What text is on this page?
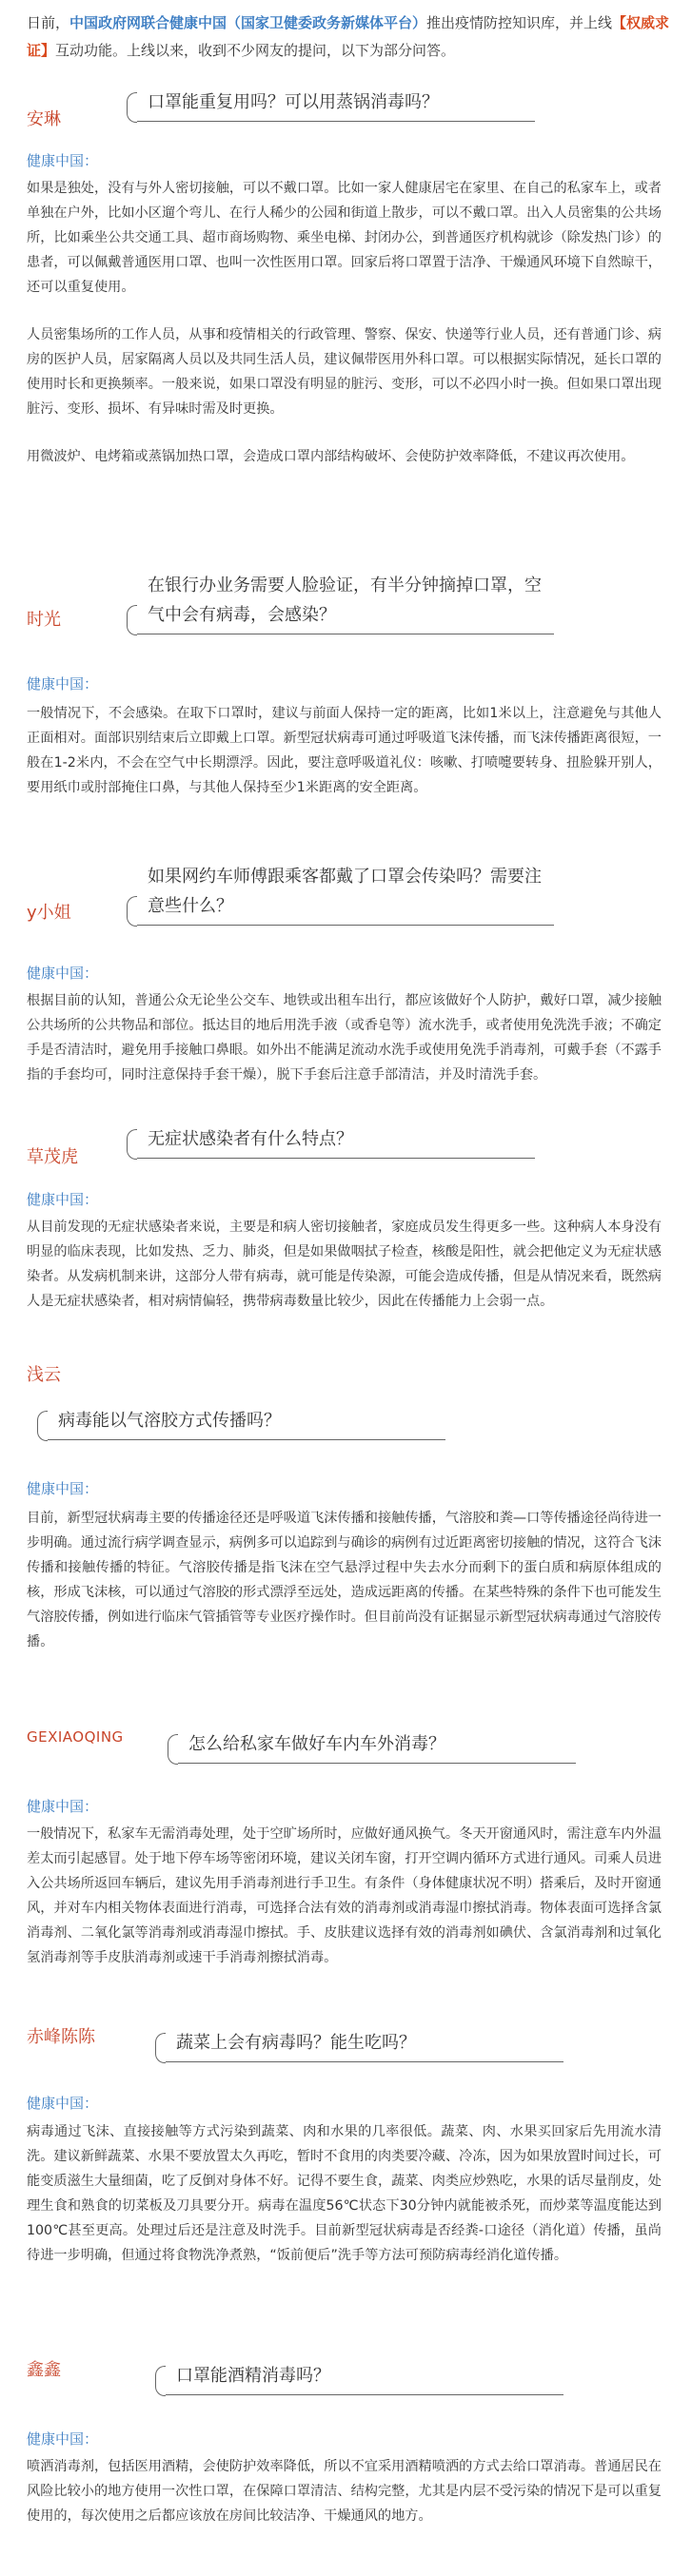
日前，中国政府网联合健康中国（国家卫健委政务新媒体平台）推出疫情防控知识库，并上线【权威求证】互动功能。上线以来，收到不少网友的提问，以下为部分问答。
安琳
口罩能重复用吗？可以用蒸锅消毒吗？
健康中国：

如果是独处，没有与外人密切接触，可以不戴口罩。比如一家人健康居宅在家里、在自己的私家车上，或者单独在户外，比如小区遛个弯儿、在行人稀少的公园和街道上散步，可以不戴口罩。出入人员密集的公共场所，比如乘坐公共交通工具、超市商场购物、乘坐电梯、封闭办公，到普通医疗机构就诊（除发热门诊）的患者，可以佩戴普通医用口罩、也叫一次性医用口罩。回家后将口罩置于洁净、干燥通风环境下自然晾干，还可以重复使用。

人员密集场所的工作人员，从事和疫情相关的行政管理、警察、保安、快递等行业人员，还有普通门诊、病房的医护人员，居家隔离人员以及共同生活人员，建议佩带医用外科口罩。可以根据实际情况，延长口罩的使用时长和更换频率。一般来说，如果口罩没有明显的脏污、变形，可以不必四小时一换。但如果口罩出现脏污、变形、损坏、有异味时需及时更换。

用微波炉、电烤箱或蒸锅加热口罩，会造成口罩内部结构破坏、会使防护效率降低，不建议再次使用。

时光
在银行办业务需要人脸验证，有半分钟摘掉口罩，空气中会有病毒，会感染？
健康中国：

一般情况下，不会感染。在取下口罩时，建议与前面人保持一定的距离，比如1米以上，注意避免与其他人正面相对。面部识别结束后立即戴上口罩。新型冠状病毒可通过呼吸道飞沫传播，而飞沫传播距离很短，一般在1-2米内，不会在空气中长期漂浮。因此，要注意呼吸道礼仪：咳嗽、打喷嚏要转身、扭脸躲开别人，要用纸巾或肘部掩住口鼻，与其他人保持至少1米距离的安全距离。

y小姐
如果网约车师傅跟乘客都戴了口罩会传染吗？需要注意些什么？
健康中国：

根据目前的认知，普通公众无论坐公交车、地铁或出租车出行，都应该做好个人防护，戴好口罩，减少接触公共场所的公共物品和部位。抵达目的地后用洗手液（或香皂等）流水洗手，或者使用免洗洗手液；不确定手是否清洁时，避免用手接触口鼻眼。如外出不能满足流动水洗手或使用免洗手消毒剂，可戴手套（不露手指的手套均可，同时注意保持手套干燥），脱下手套后注意手部清洁，并及时清洗手套。

草茂虎
无症状感染者有什么特点？
健康中国：

从目前发现的无症状感染者来说，主要是和病人密切接触者，家庭成员发生得更多一些。这种病人本身没有明显的临床表现，比如发热、乏力、肺炎，但是如果做咽拭子检查，核酸是阳性，就会把他定义为无症状感染者。从发病机制来讲，这部分人带有病毒，就可能是传染源，可能会造成传播，但是从情况来看，既然病人是无症状感染者，相对病情偏轻，携带病毒数量比较少，因此在传播能力上会弱一点。

浅云
病毒能以气溶胶方式传播吗？
健康中国：

目前，新型冠状病毒主要的传播途径还是呼吸道飞沫传播和接触传播，气溶胶和粪—口等传播途径尚待进一步明确。通过流行病学调查显示，病例多可以追踪到与确诊的病例有过近距离密切接触的情况，这符合飞沫传播和接触传播的特征。气溶胶传播是指飞沫在空气悬浮过程中失去水分而剩下的蛋白质和病原体组成的核，形成飞沫核，可以通过气溶胶的形式漂浮至远处，造成远距离的传播。在某些特殊的条件下也可能发生气溶胶传播，例如进行临床气管插管等专业医疗操作时。但目前尚没有证据显示新型冠状病毒通过气溶胶传播。

GEXIAOQING	怎么给私家车做好车内车外消毒？
健康中国：

一般情况下，私家车无需消毒处理，处于空旷场所时，应做好通风换气。冬天开窗通风时，需注意车内外温差太而引起感冒。处于地下停车场等密闭环境，建议关闭车窗，打开空调内循环方式进行通风。司乘人员进入公共场所返回车辆后，建议先用手消毒剂进行手卫生。有条件（身体健康状况不明）搭乘后，及时开窗通风，并对车内相关物体表面进行消毒，可选择合法有效的消毒剂或消毒湿巾擦拭消毒。物体表面可选择含氯消毒剂、二氧化氯等消毒剂或消毒湿巾擦拭。手、皮肤建议选择有效的消毒剂如碘伏、含氯消毒剂和过氧化氢消毒剂等手皮肤消毒剂或速干手消毒剂擦拭消毒。

赤峰陈陈	蔬菜上会有病毒吗？能生吃吗？
健康中国：

病毒通过飞沫、直接接触等方式污染到蔬菜、肉和水果的几率很低。蔬菜、肉、水果买回家后先用流水清洗。建议新鲜蔬菜、水果不要放置太久再吃，暂时不食用的肉类要冷藏、冷冻，因为如果放置时间过长，可能变质滋生大量细菌，吃了反倒对身体不好。记得不要生食，蔬菜、肉类应炒熟吃，水果的话尽量削皮，处理生食和熟食的切菜板及刀具要分开。病毒在温度56℃状态下30分钟内就能被杀死，而炒菜等温度能达到100℃甚至更高。处理过后还是注意及时洗手。目前新型冠状病毒是否经粪-口途径（消化道）传播，虽尚待进一步明确，但通过将食物洗净煮熟，“饭前便后”洗手等方法可预防病毒经消化道传播。

鑫鑫	口罩能酒精消毒吗？
健康中国：

喷洒消毒剂，包括医用酒精，会使防护效率降低，所以不宜采用酒精喷洒的方式去给口罩消毒。普通居民在风险比较小的地方使用一次性口罩，在保障口罩清洁、结构完整，尤其是内层不受污染的情况下是可以重复使用的，每次使用之后都应该放在房间比较洁净、干燥通风的地方。
